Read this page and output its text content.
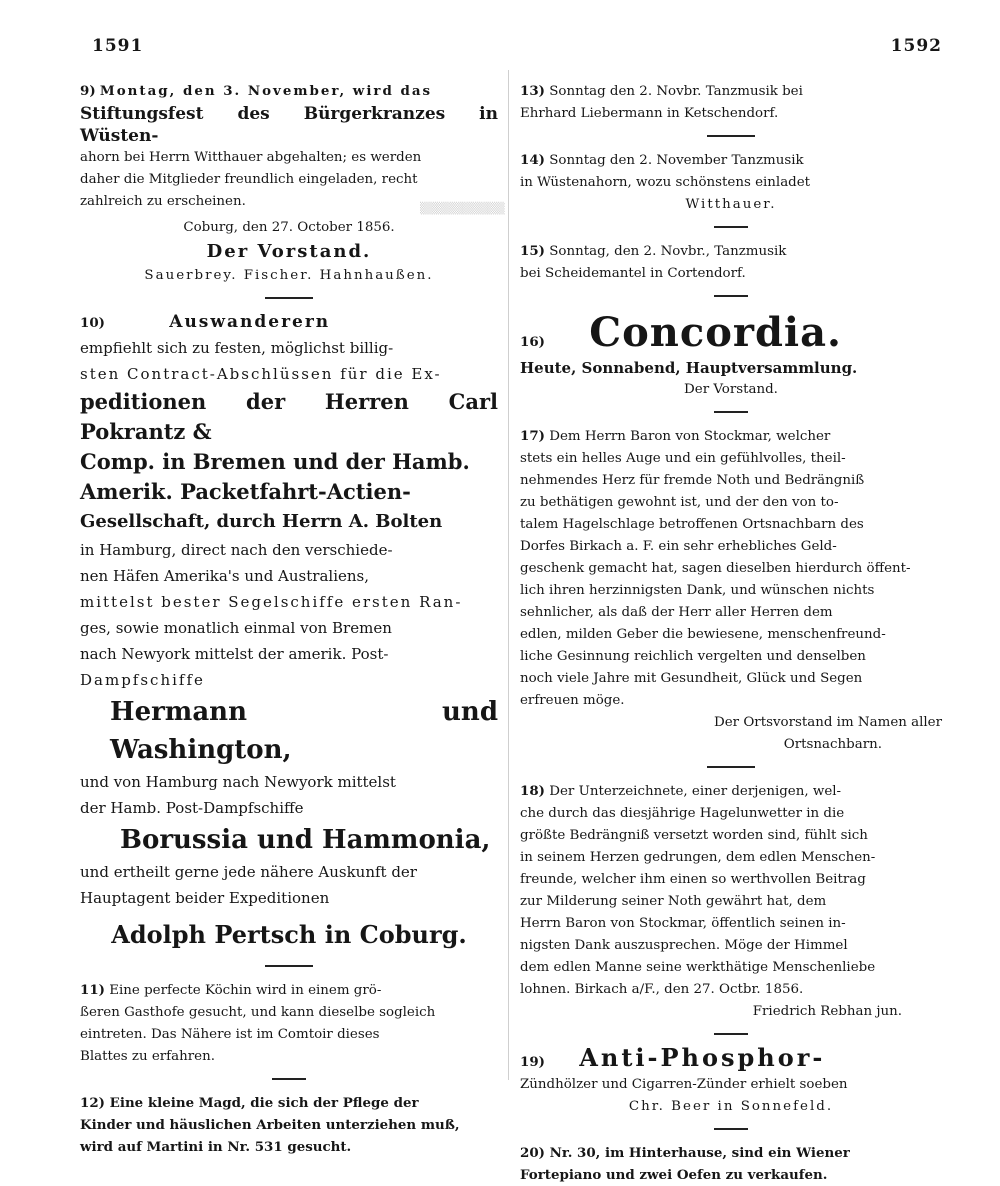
1591	1592
▒▒▒▒▒▒▒▒▒▒

9) Montag, den 3. November, wird das

Stiftungsfest des Bürgerkranzes in Wüsten-

ahorn bei Herrn Witthauer abgehalten; es werden

daher die Mitglieder freundlich eingeladen, recht

zahlreich zu erscheinen.

Coburg, den 27. October 1856.

Der Vorstand.

Sauerbrey. Fischer. Hahnhaußen.

10)	Auswanderern

empfiehlt sich zu festen, möglichst billig-

sten Contract-Abschlüssen für die Ex-

peditionen der Herren Carl Pokrantz &

Comp. in Bremen und der Hamb.

Amerik. Packetfahrt-Actien-

Gesellschaft, durch Herrn A. Bolten

in Hamburg, direct nach den verschiede-

nen Häfen Amerika's und Australiens,

mittelst bester Segelschiffe ersten Ran-

ges, sowie monatlich einmal von Bremen

nach Newyork mittelst der amerik. Post-

Dampfschiffe

Hermann und Washington,

und von Hamburg nach Newyork mittelst

der Hamb. Post-Dampfschiffe

Borussia und Hammonia,

und ertheilt gerne jede nähere Auskunft der

Hauptagent beider Expeditionen

Adolph Pertsch in Coburg.

11) Eine perfecte Köchin wird in einem grö-

ßeren Gasthofe gesucht, und kann dieselbe sogleich

eintreten. Das Nähere ist im Comtoir dieses

Blattes zu erfahren.

12) Eine kleine Magd, die sich der Pflege der

Kinder und häuslichen Arbeiten unterziehen muß,

wird auf Martini in Nr. 531 gesucht.

13) Sonntag den 2. Novbr. Tanzmusik bei

Ehrhard Liebermann in Ketschendorf.

14) Sonntag den 2. November Tanzmusik

in Wüstenahorn, wozu schönstens einladet

Witthauer.

15) Sonntag, den 2. Novbr., Tanzmusik

bei Scheidemantel in Cortendorf.

16) Concordia.

Heute, Sonnabend, Hauptversammlung.

Der Vorstand.

17) Dem Herrn Baron von Stockmar, welcher

stets ein helles Auge und ein gefühlvolles, theil-

nehmendes Herz für fremde Noth und Bedrängniß

zu bethätigen gewohnt ist, und der den von to-

talem Hagelschlage betroffenen Ortsnachbarn des

Dorfes Birkach a. F. ein sehr erhebliches Geld-

geschenk gemacht hat, sagen dieselben hierdurch öffent-

lich ihren herzinnigsten Dank, und wünschen nichts

sehnlicher, als daß der Herr aller Herren dem

edlen, milden Geber die bewiesene, menschenfreund-

liche Gesinnung reichlich vergelten und denselben

noch viele Jahre mit Gesundheit, Glück und Segen

erfreuen möge.

Der Ortsvorstand im Namen aller

Ortsnachbarn.

18) Der Unterzeichnete, einer derjenigen, wel-

che durch das diesjährige Hagelunwetter in die

größte Bedrängniß versetzt worden sind, fühlt sich

in seinem Herzen gedrungen, dem edlen Menschen-

freunde, welcher ihm einen so werthvollen Beitrag

zur Milderung seiner Noth gewährt hat, dem

Herrn Baron von Stockmar, öffentlich seinen in-

nigsten Dank auszusprechen. Möge der Himmel

dem edlen Manne seine werkthätige Menschenliebe

lohnen. Birkach a/F., den 27. Octbr. 1856.

Friedrich Rebhan jun.

19) Anti-Phosphor-

Zündhölzer und Cigarren-Zünder erhielt soeben

Chr. Beer in Sonnefeld.

20) Nr. 30, im Hinterhause, sind ein Wiener

Fortepiano und zwei Oefen zu verkaufen.
